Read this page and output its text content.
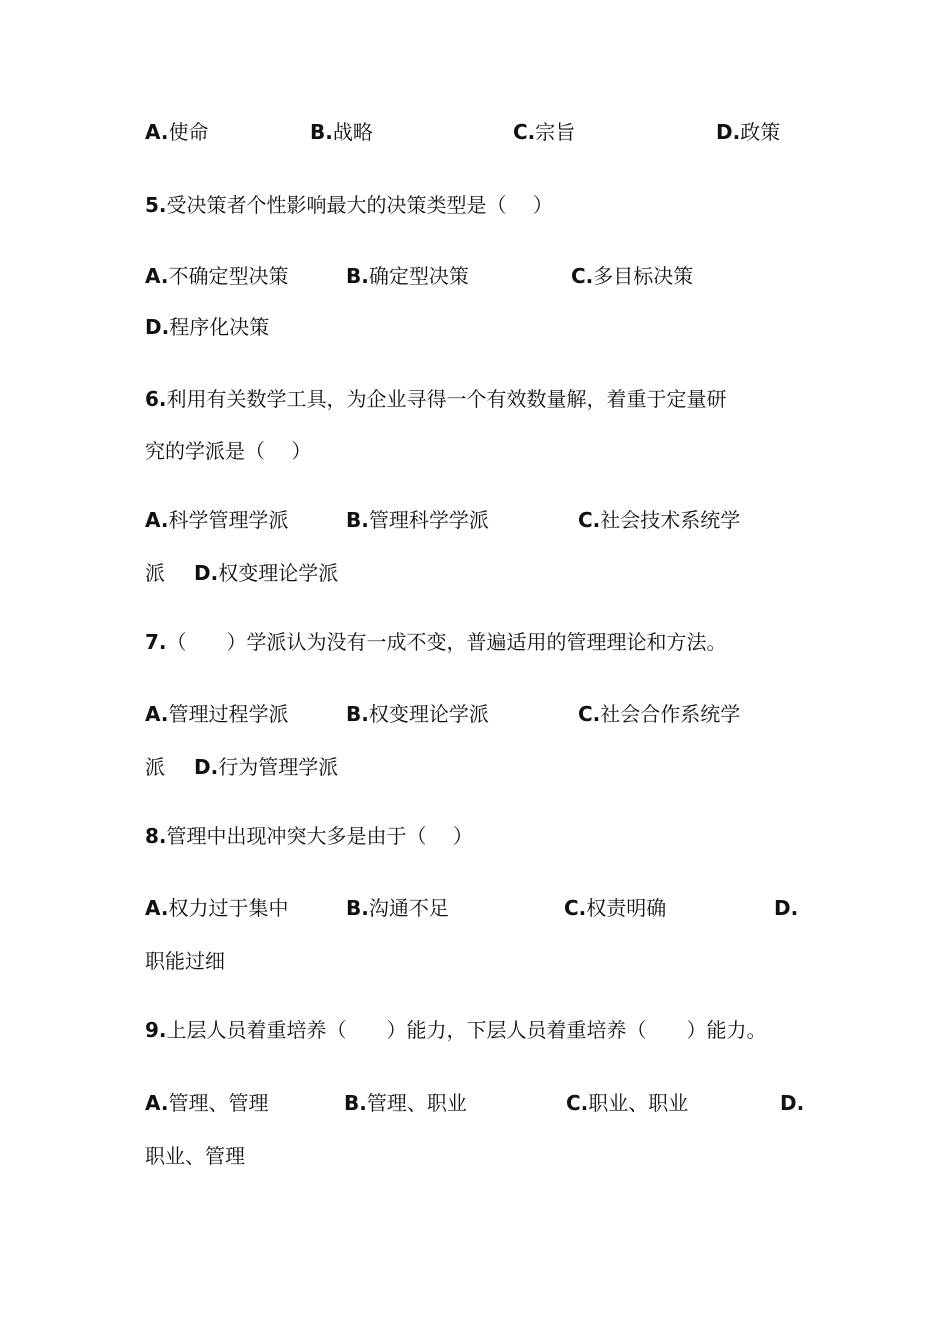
A.使命	B.战略	C.宗旨	D.政策
5.受决策者个性影响最大的决策类型是（　 ）
A.不确定型决策	B.确定型决策	C.多目标决策
D.程序化决策
6.利用有关数学工具，为企业寻得一个有效数量解，着重于定量研
究的学派是（　 ）
A.科学管理学派	B.管理科学学派	C.社会技术系统学
派 D.权变理论学派
7.（　　）学派认为没有一成不变，普遍适用的管理理论和方法。
A.管理过程学派	B.权变理论学派	C.社会合作系统学
派 D.行为管理学派
8.管理中出现冲突大多是由于（　 ）
A.权力过于集中	B.沟通不足	C.权责明确	D.
职能过细
9.上层人员着重培养（　　）能力，下层人员着重培养（　　）能力。
A.管理、管理	B.管理、职业	C.职业、职业	D.
职业、管理
